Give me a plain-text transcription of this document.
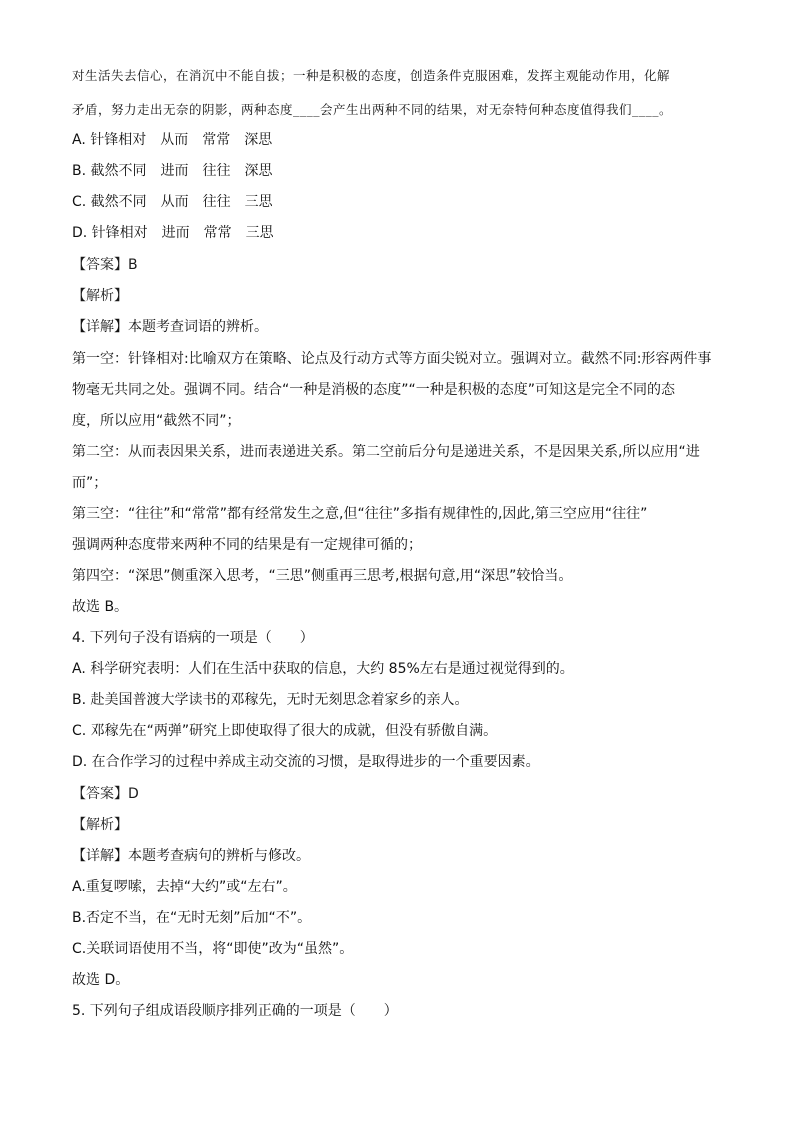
对生活失去信心，在消沉中不能自拔；一种是积极的态度，创造条件克服困难，发挥主观能动作用，化解
矛盾，努力走出无奈的阴影，两种态度____会产生出两种不同的结果，对无奈特何种态度值得我们____。
A. 针锋相对　从而　常常　深思
B. 截然不同　进而　往往　深思
C. 截然不同　从而　往往　三思
D. 针锋相对　进而　常常　三思
【答案】B
【解析】
【详解】本题考查词语的辨析。
第一空：针锋相对:比喻双方在策略、论点及行动方式等方面尖锐对立。强调对立。截然不同:形容两件事
物毫无共同之处。强调不同。结合“一种是消极的态度”“一种是积极的态度”可知这是完全不同的态
度，所以应用“截然不同”；
第二空：从而表因果关系，进而表递进关系。第二空前后分句是递进关系，不是因果关系,所以应用“进
而”；
第三空：“往往”和“常常”都有经常发生之意,但“往往”多指有规律性的,因此,第三空应用“往往”
强调两种态度带来两种不同的结果是有一定规律可循的；
第四空：“深思”侧重深入思考，“三思”侧重再三思考,根据句意,用“深思”较恰当。
故选 B。
4. 下列句子没有语病的一项是（　　）
A. 科学研究表明：人们在生活中获取的信息，大约 85%左右是通过视觉得到的。
B. 赴美国普渡大学读书的邓稼先，无时无刻思念着家乡的亲人。
C. 邓稼先在“两弹”研究上即使取得了很大的成就，但没有骄傲自满。
D. 在合作学习的过程中养成主动交流的习惯，是取得进步的一个重要因素。
【答案】D
【解析】
【详解】本题考查病句的辨析与修改。
A.重复啰嗦，去掉“大约”或“左右”。
B.否定不当，在“无时无刻”后加“不”。
C.关联词语使用不当，将“即使”改为“虽然”。
故选 D。
5. 下列句子组成语段顺序排列正确的一项是（　　）
